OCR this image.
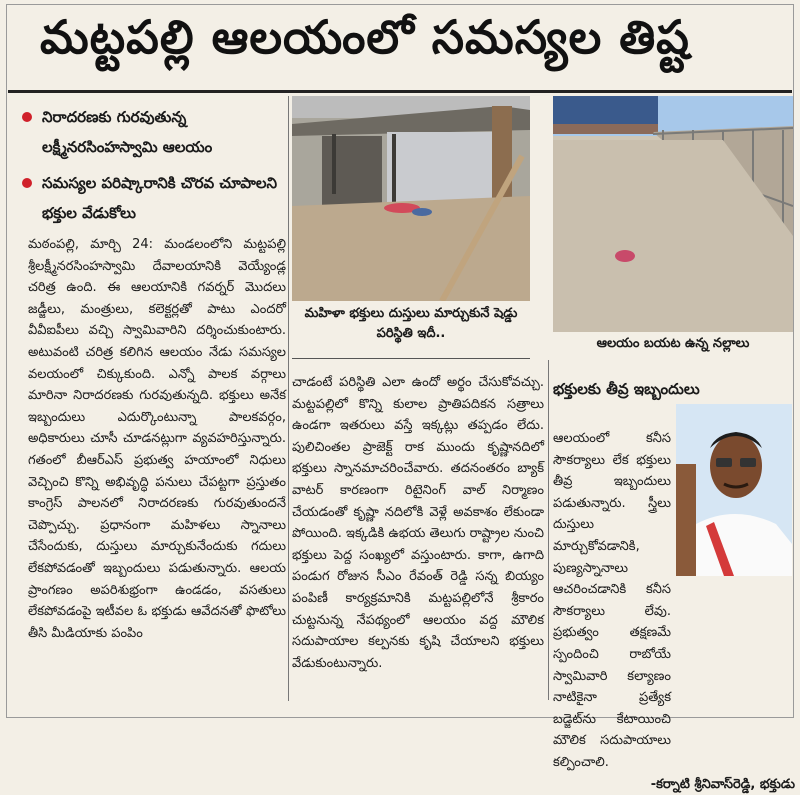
మట్టపల్లి ఆలయంలో సమస్యల తిష్ట
నిరాదరణకు గురవుతున్న లక్ష్మీనరసింహస్వామి ఆలయం
సమస్యల పరిష్కారానికి చొరవ చూపాలని భక్తుల వేడుకోలు

మఠంపల్లి, మార్చి 24: మండలంలోని మట్టపల్లి శ్రీలక్ష్మీనరసింహస్వామి దేవాలయానికి వెయ్యేండ్ల చరిత్ర ఉంది. ఈ ఆలయానికి గవర్నర్ మొదలు జడ్జీలు, మంత్రులు, కలెక్టర్లతో పాటు ఎందరో వీవీఐపీలు వచ్చి స్వామివారిని దర్శించుకుంటారు. అటువంటి చరిత్ర కలిగిన ఆలయం నేడు సమస్యల వలయంలో చిక్కుకుంది. ఎన్నో పాలక వర్గాలు మారినా నిరాదరణకు గురవుతున్నది. భక్తులు అనేక ఇబ్బందులు ఎదుర్కొంటున్నా పాలకవర్గం, అధికారులు చూసీ చూడనట్లుగా వ్యవహరిస్తున్నారు. గతంలో బీఆర్ఎస్ ప్రభుత్వ హయాంలో నిధులు వెచ్చించి కొన్ని అభివృద్ధి పనులు చేపట్టగా ప్రస్తుతం కాంగ్రెస్ పాలనలో నిరాదరణకు గురవుతుందనే చెప్పొచ్చు. ప్రధానంగా మహిళలు స్నానాలు చేసేందుకు, దుస్తులు మార్చుకునేందుకు గదులు లేకపోవడంతో ఇబ్బందులు పడుతున్నారు. ఆలయ ప్రాంగణం అపరిశుభ్రంగా ఉండడం, వసతులు లేకపోవడంపై ఇటీవల ఓ భక్తుడు ఆవేదనతో ఫొటోలు తీసి మీడియాకు పంపిం

మహిళా భక్తులు దుస్తులు మార్చుకునే షెడ్డు పరిస్థితి ఇదీ..
ఆలయం బయట ఉన్న నల్లాలు

చాడంటే పరిస్థితి ఎలా ఉందో అర్థం చేసుకోవచ్చు. మట్టపల్లిలో కొన్ని కులాల ప్రాతిపదికన సత్రాలు ఉండగా ఇతరులు వస్తే ఇక్కట్లు తప్పడం లేదు. పులిచింతల ప్రాజెక్ట్ రాక ముందు కృష్ణానదిలో భక్తులు స్నానమాచరించేవారు. తదనంతరం బ్యాక్ వాటర్ కారణంగా రిటైనింగ్ వాల్ నిర్మాణం చేయడంతో కృష్ణా నదిలోకి వెళ్లే అవకాశం లేకుండా పోయింది. ఇక్కడికి ఉభయ తెలుగు రాష్ట్రాల నుంచి భక్తులు పెద్ద సంఖ్యలో వస్తుంటారు. కాగా, ఉగాది పండుగ రోజున సీఎం రేవంత్ రెడ్డి సన్న బియ్యం పంపిణీ కార్యక్రమానికి మట్టపల్లిలోనే శ్రీకారం చుట్టనున్న నేపథ్యంలో ఆలయం వద్ద మౌలిక సదుపాయాల కల్పనకు కృషి చేయాలని భక్తులు వేడుకుంటున్నారు.

భక్తులకు తీవ్ర ఇబ్బందులు

ఆలయంలో కనీస సౌకర్యాలు లేక భక్తులు తీవ్ర ఇబ్బందులు పడుతున్నారు. స్త్రీలు దుస్తులు మార్చుకోవడానికి, పుణ్యస్నానాలు ఆచరించడానికి కనీస సౌకర్యాలు లేవు. ప్రభుత్వం తక్షణమే స్పందించి రాబోయే స్వామివారి కల్యాణం నాటికైనా ప్రత్యేక బడ్జెట్‌ను కేటాయించి మౌలిక సదుపాయాలు కల్పించాలి.

-కర్నాటి శ్రీనివాస్‌రెడ్డి, భక్తుడు
